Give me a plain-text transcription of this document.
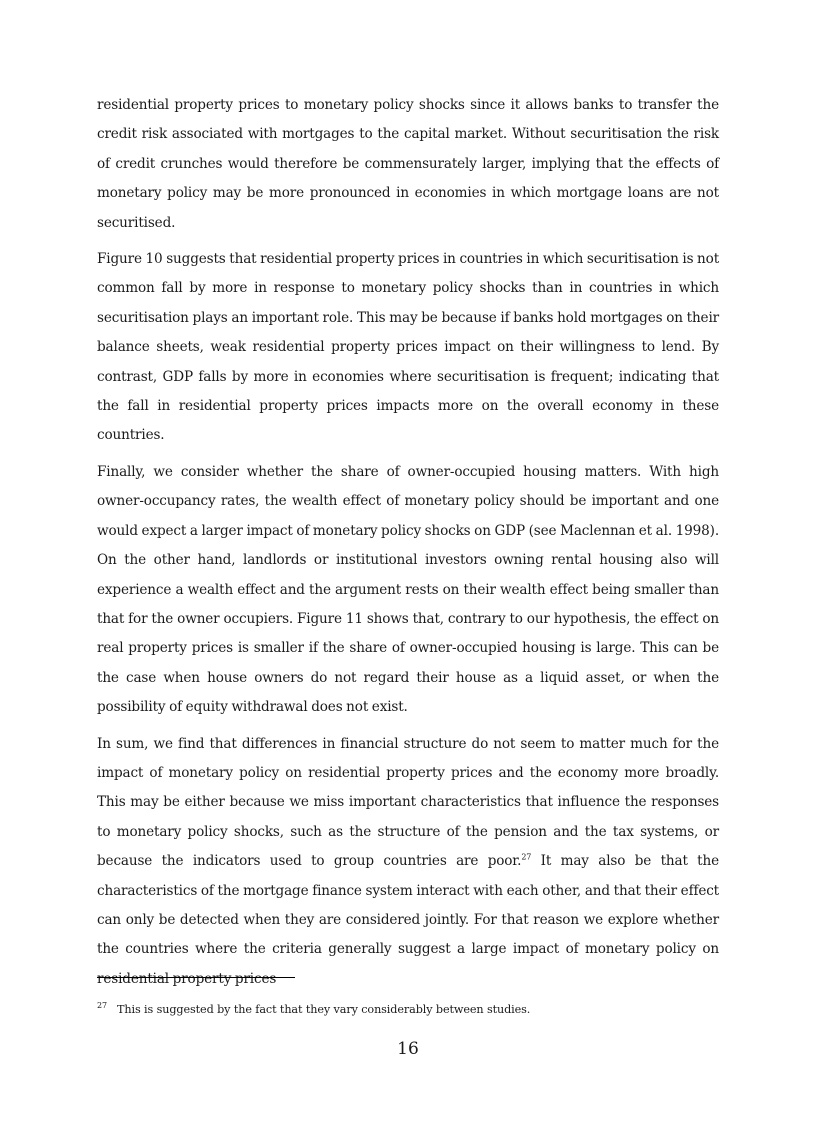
residential property prices to monetary policy shocks since it allows banks to transfer the credit risk associated with mortgages to the capital market. Without securitisation the risk of credit crunches would therefore be commensurately larger, implying that the effects of monetary policy may be more pronounced in economies in which mortgage loans are not securitised.

Figure 10 suggests that residential property prices in countries in which securitisation is not common fall by more in response to monetary policy shocks than in countries in which securitisation plays an important role. This may be because if banks hold mortgages on their balance sheets, weak residential property prices impact on their willingness to lend. By contrast, GDP falls by more in economies where securitisation is frequent; indicating that the fall in residential property prices impacts more on the overall economy in these countries.

Finally, we consider whether the share of owner-occupied housing matters. With high owner-occupancy rates, the wealth effect of monetary policy should be important and one would expect a larger impact of monetary policy shocks on GDP (see Maclennan et al. 1998). On the other hand, landlords or institutional investors owning rental housing also will experience a wealth effect and the argument rests on their wealth effect being smaller than that for the owner occupiers. Figure 11 shows that, contrary to our hypothesis, the effect on real property prices is smaller if the share of owner-occupied housing is large. This can be the case when house owners do not regard their house as a liquid asset, or when the possibility of equity withdrawal does not exist.

In sum, we find that differences in financial structure do not seem to matter much for the impact of monetary policy on residential property prices and the economy more broadly. This may be either because we miss important characteristics that influence the responses to monetary policy shocks, such as the structure of the pension and the tax systems, or because the indicators used to group countries are poor.$^{27}$ It may also be that the characteristics of the mortgage finance system interact with each other, and that their effect can only be detected when they are considered jointly. For that reason we explore whether the countries where the criteria generally suggest a large impact of monetary policy on residential property prices

27 This is suggested by the fact that they vary considerably between studies.
16
